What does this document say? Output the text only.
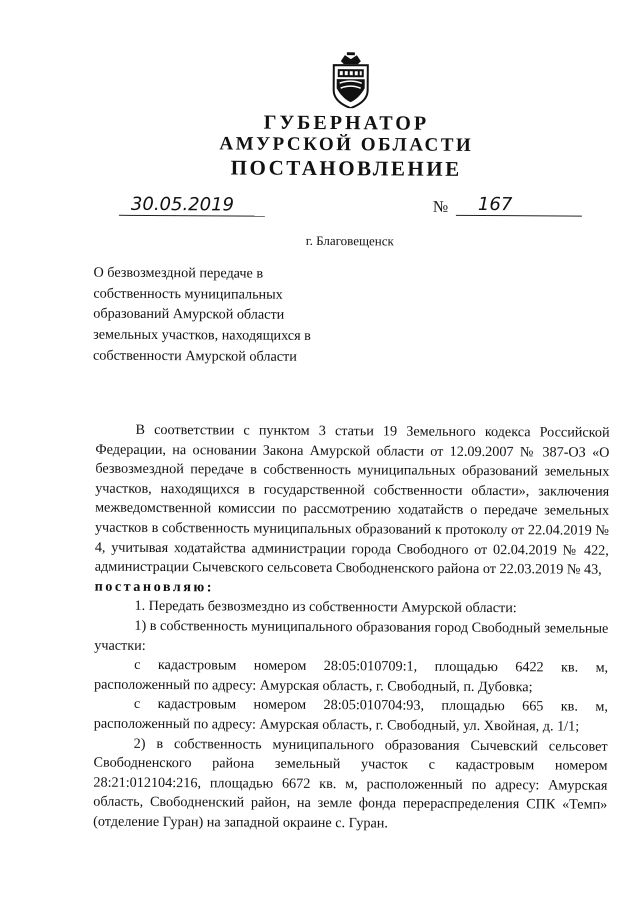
ГУБЕРНАТОР
АМУРСКОЙ ОБЛАСТИ
ПОСТАНОВЛЕНИЕ
30.05.2019	№	167
г. Благовещенск
О безвозмездной передаче в собственность муниципальных образований Амурской области земельных участков, находящихся в собственности Амурской области

В соответствии с пунктом 3 статьи 19 Земельного кодекса Российской Федерации, на основании Закона Амурской области от 12.09.2007 № 387-ОЗ «О безвозмездной передаче в собственность муниципальных образований земельных участков, находящихся в государственной собственности области», заключения межведомственной комиссии по рассмотрению ходатайств о передаче земельных участков в собственность муниципальных образований к протоколу от 22.04.2019 № 4, учитывая ходатайства администрации города Свободного от 02.04.2019 № 422, администрации Сычевского сельсовета Свободненского района от 22.03.2019 № 43,

постановляю:

1. Передать безвозмездно из собственности Амурской области:

1) в собственность муниципального образования город Свободный земельные участки:

с кадастровым номером 28:05:010709:1, площадью 6422 кв. м, расположенный по адресу: Амурская область, г. Свободный, п. Дубовка;

с кадастровым номером 28:05:010704:93, площадью 665 кв. м, расположенный по адресу: Амурская область, г. Свободный, ул. Хвойная, д. 1/1;

2) в собственность муниципального образования Сычевский сельсовет Свободненского района земельный участок с кадастровым номером 28:21:012104:216, площадью 6672 кв. м, расположенный по адресу: Амурская область, Свободненский район, на земле фонда перераспределения СПК «Темп» (отделение Гуран) на западной окраине с. Гуран.
